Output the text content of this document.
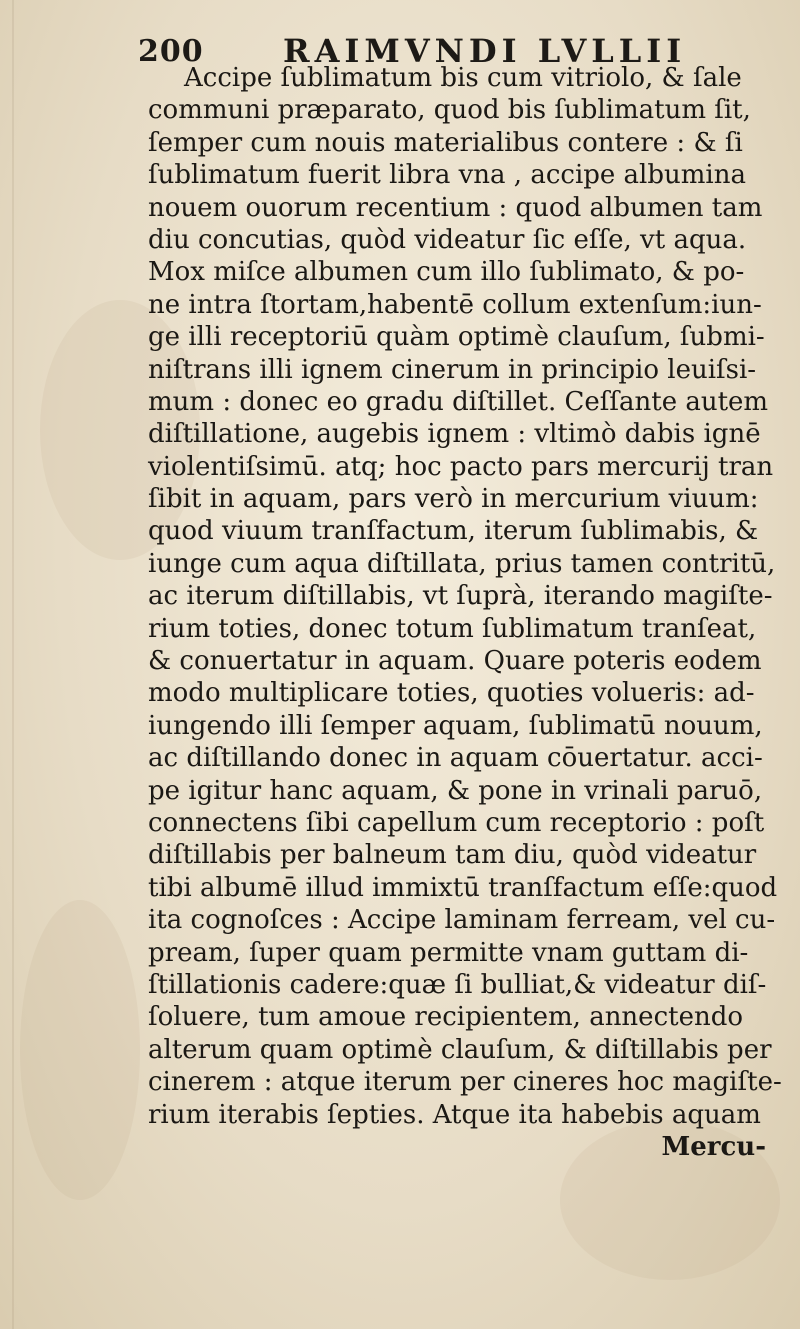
200 RAIMVNDI LVLLII
Accipe ſublimatum bis cum vitriolo, & ſale
communi præparato, quod bis ſublimatum ſit,
ſemper cum nouis materialibus contere : & ſi
ſublimatum fuerit libra vna , accipe albumina
nouem ouorum recentium : quod albumen tam
diu concutias, quòd videatur ſic eſſe, vt aqua.
Mox miſce albumen cum illo ſublimato, & po-
ne intra ſtortam,habentē collum extenſum:iun-
ge illi receptoriū quàm optimè clauſum, ſubmi-
niſtrans illi ignem cinerum in principio leuiſsi-
mum : donec eo gradu diſtillet. Ceſſante autem
diſtillatione, augebis ignem : vltimò dabis ignē
violentiſsimū. atq; hoc pacto pars mercurij tran
ſibit in aquam, pars verò in mercurium viuum:
quod viuum tranſfactum, iterum ſublimabis, &
iunge cum aqua diſtillata, prius tamen contritū,
ac iterum diſtillabis, vt ſuprà, iterando magiſte-
rium toties, donec totum ſublimatum tranſeat,
& conuertatur in aquam. Quare poteris eodem
modo multiplicare toties, quoties volueris: ad-
iungendo illi ſemper aquam, ſublimatū nouum,
ac diſtillando donec in aquam cōuertatur. acci-
pe igitur hanc aquam, & pone in vrinali paruō,
connectens ſibi capellum cum receptorio : poſt
diſtillabis per balneum tam diu, quòd videatur
tibi albumē illud immixtū tranſfactum eſſe:quod
ita cognoſces : Accipe laminam ferream, vel cu-
pream, ſuper quam permitte vnam guttam di-
ſtillationis cadere:quæ ſi bulliat,& videatur diſ-
ſoluere, tum amoue recipientem, annectendo
alterum quam optimè clauſum, & diſtillabis per
cinerem : atque iterum per cineres hoc magiſte-
rium iterabis ſepties. Atque ita habebis aquam
Mercu-
